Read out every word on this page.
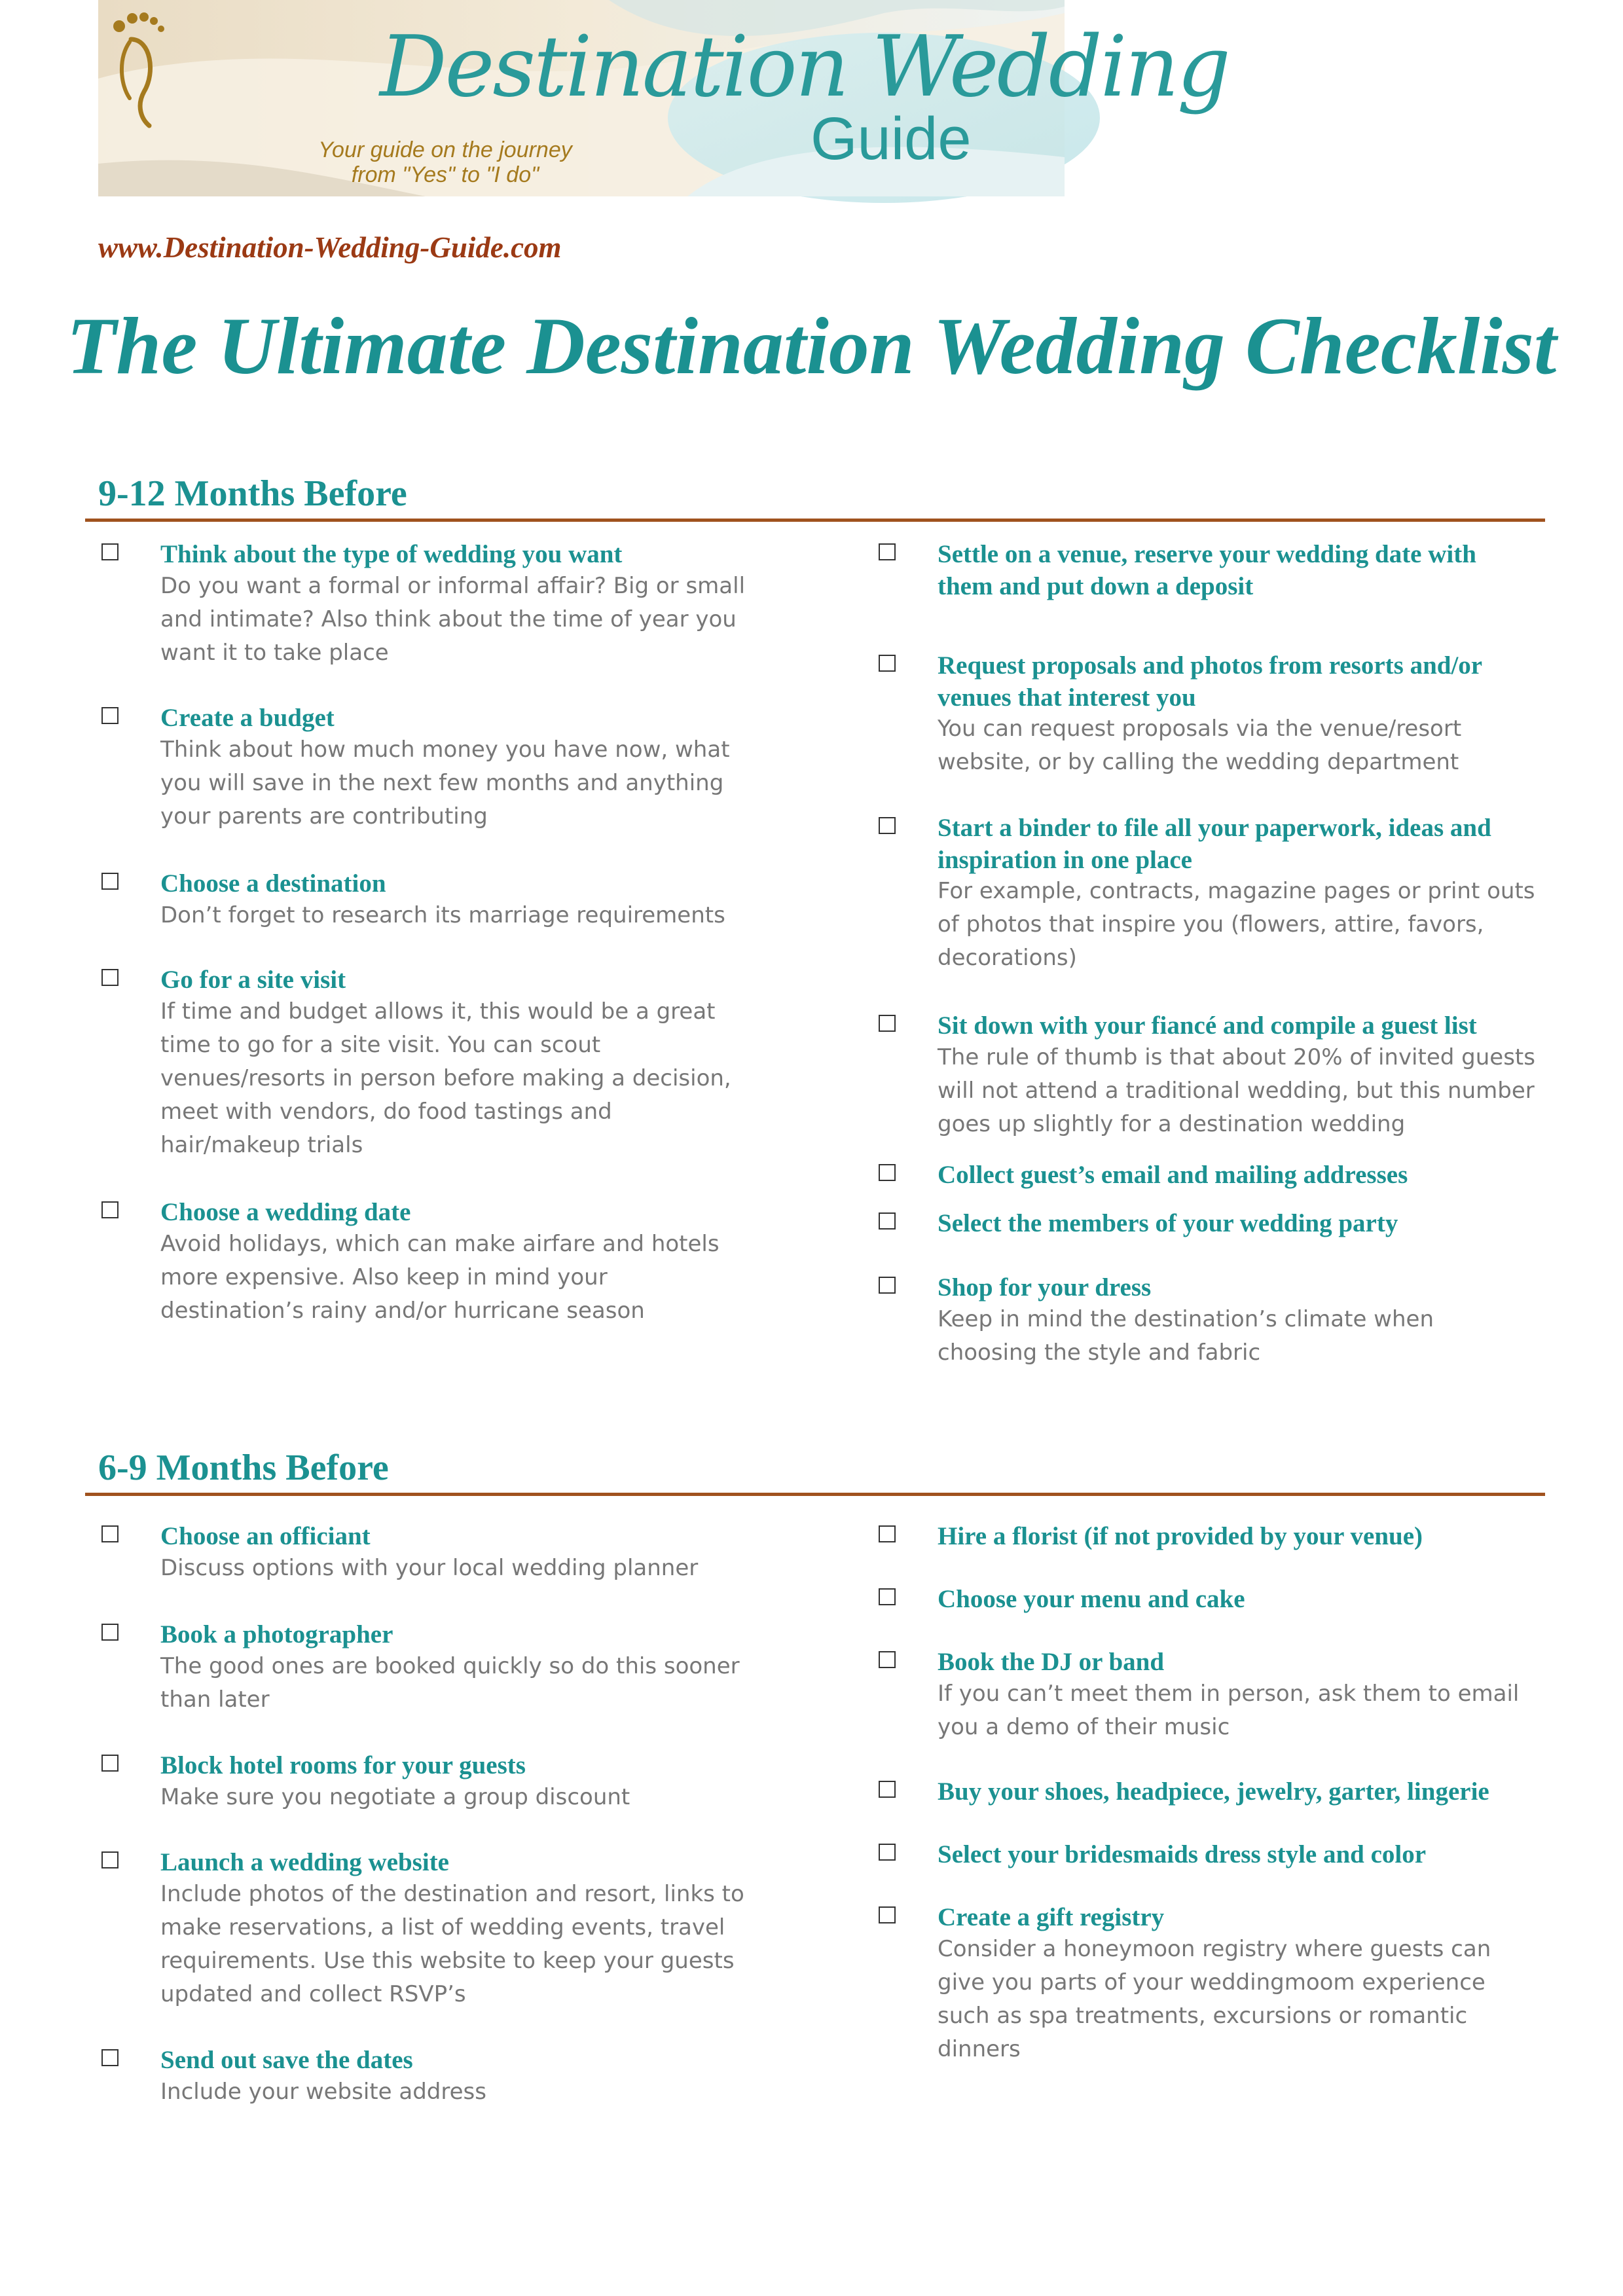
Destination Wedding
Guide
Your guide on the journey
from "Yes" to "I do"
www.Destination-Wedding-Guide.com
The Ultimate Destination Wedding Checklist
9-12 Months Before
Think about the type of wedding you want
Do you want a formal or informal affair? Big or small
and intimate? Also think about the time of year you
want it to take place
Create a budget
Think about how much money you have now, what
you will save in the next few months and anything
your parents are contributing
Choose a destination
Don’t forget to research its marriage requirements
Go for a site visit
If time and budget allows it, this would be a great
time to go for a site visit. You can scout
venues/resorts in person before making a decision,
meet with vendors, do food tastings and
hair/makeup trials
Choose a wedding date
Avoid holidays, which can make airfare and hotels
more expensive. Also keep in mind your
destination’s rainy and/or hurricane season
Settle on a venue, reserve your wedding date with
them and put down a deposit
Request proposals and photos from resorts and/or
venues that interest you
You can request proposals via the venue/resort
website, or by calling the wedding department
Start a binder to file all your paperwork, ideas and
inspiration in one place
For example, contracts, magazine pages or print outs
of photos that inspire you (flowers, attire, favors,
decorations)
Sit down with your fiancé and compile a guest list
The rule of thumb is that about 20% of invited guests
will not attend a traditional wedding, but this number
goes up slightly for a destination wedding
Collect guest’s email and mailing addresses
Select the members of your wedding party
Shop for your dress
Keep in mind the destination’s climate when
choosing the style and fabric
6-9 Months Before
Choose an officiant
Discuss options with your local wedding planner
Book a photographer
The good ones are booked quickly so do this sooner
than later
Block hotel rooms for your guests
Make sure you negotiate a group discount
Launch a wedding website
Include photos of the destination and resort, links to
make reservations, a list of wedding events, travel
requirements. Use this website to keep your guests
updated and collect RSVP’s
Send out save the dates
Include your website address
Hire a florist (if not provided by your venue)
Choose your menu and cake
Book the DJ or band
If you can’t meet them in person, ask them to email
you a demo of their music
Buy your shoes, headpiece, jewelry, garter, lingerie
Select your bridesmaids dress style and color
Create a gift registry
Consider a honeymoon registry where guests can
give you parts of your weddingmoom experience
such as spa treatments, excursions or romantic
dinners
